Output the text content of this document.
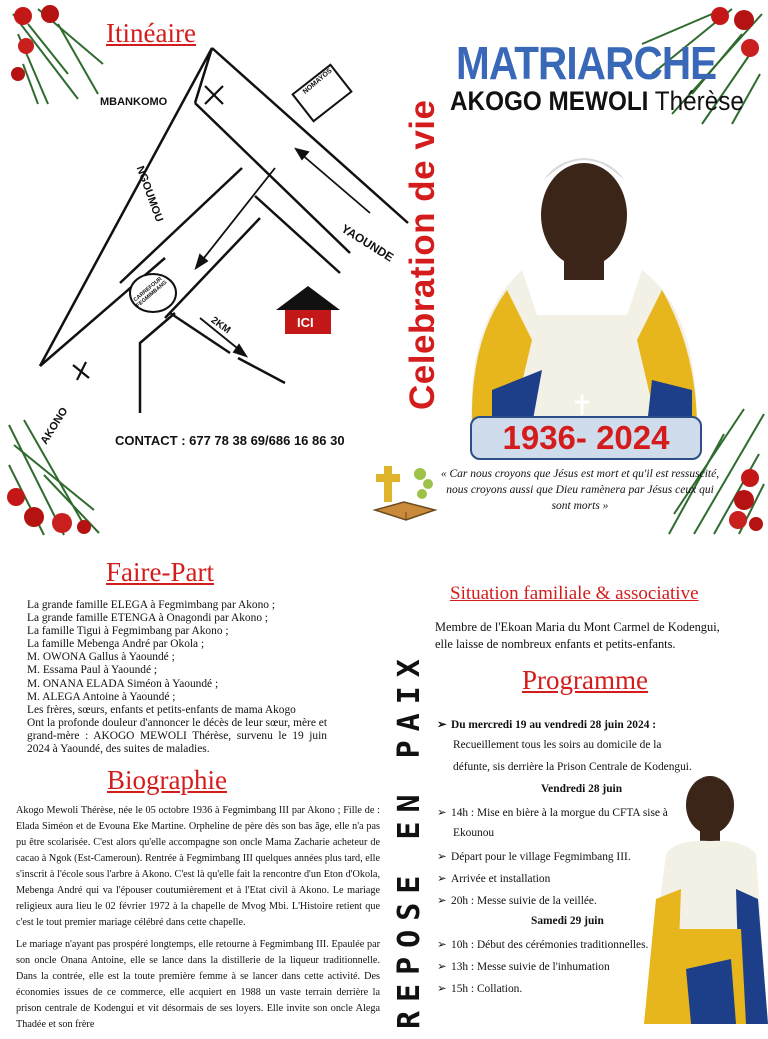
Itinéaire
MBANKOMO
NOMAYOS
NGOUMOU
YAOUNDE
CARREFOUR FEGMIMBANG
2KM	ICI
AKONO	CONTACT : 677 78 38 69/686 16 86 30
Celebration de vie
MATRIARCHE
AKOGO MEWOLI Thérèse
1936- 2024
« Car nous croyons que Jésus est mort et qu'il est ressuscité, nous croyons aussi que Dieu ramènera par Jésus ceux qui sont morts »
Faire-Part
La grande famille ELEGA à Fegmimbang par Akono ;
La grande famille ETENGA à Onagondi par Akono ;
La famille Tigui à Fegmimbang par Akono ;
La famille Mebenga André par Okola ;
M. OWONA Gallus à Yaoundé ;
M. Essama Paul à Yaoundé ;
M. ONANA ELADA Siméon à Yaoundé ;
M. ALEGA Antoine à Yaoundé ;
Les frères, sœurs, enfants et petits-enfants de mama Akogo
Ont la profonde douleur d'annoncer le décès de leur sœur, mère et grand-mère : AKOGO MEWOLI Thérèse, survenu le 19 juin 2024 à Yaoundé, des suites de maladies.
Biographie

Akogo Mewoli Thérèse, née le 05 octobre 1936 à Fegmimbang III par Akono ; Fille de : Elada Siméon et de Evouna Eke Martine. Orpheline de père dès son bas âge, elle n'a pas pu être scolarisée. C'est alors qu'elle accompagne son oncle Mama Zacharie acheteur de cacao à Ngok (Est-Cameroun). Rentrée à Fegmimbang III quelques années plus tard, elle s'inscrit à l'école sous l'arbre à Akono. C'est là qu'elle fait la rencontre d'un Eton d'Okola, Mebenga André qui va l'épouser coutumièrement et à l'Etat civil à Akono. Le mariage religieux aura lieu le 02 février 1972 à la chapelle de Mvog Mbi. L'Histoire retient que c'est le tout premier mariage célébré dans cette chapelle.

Le mariage n'ayant pas prospéré longtemps, elle retourne à Fegmimbang III. Epaulée par son oncle Onana Antoine, elle se lance dans la distillerie de la liqueur traditionnelle. Dans la contrée, elle est la toute première femme à se lancer dans cette activité. Des économies issues de ce commerce, elle acquiert en 1988 un vaste terrain derrière la prison centrale de Kodengui et vit désormais de ses loyers. Elle invite son oncle Alega Thadée et son frère	REPOSE EN PAIX
Situation familiale & associative
Membre de l'Ekoan Maria du Mont Carmel de Kodengui, elle laisse de nombreux enfants et petits-enfants.
Programme
➢ Du mercredi 19 au vendredi 28 juin 2024 :
Recueillement tous les soirs au domicile de la
défunte, sis derrière la Prison Centrale de Kodengui.
Vendredi 28 juin
➢ 14h : Mise en bière à la morgue du CFTA sise à
Ekounou
➢ Départ pour le village Fegmimbang III.
➢ Arrivée et installation
➢ 20h : Messe suivie de la veillée.
Samedi 29 juin
➢ 10h : Début des cérémonies traditionnelles.
➢ 13h : Messe suivie de l'inhumation
➢ 15h : Collation.
